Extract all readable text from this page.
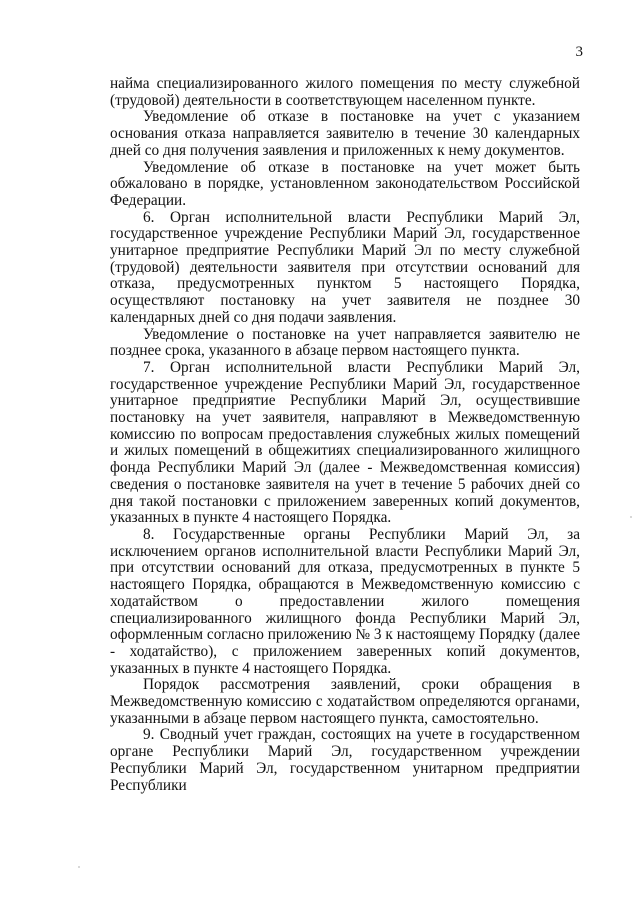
3

найма специализированного жилого помещения по месту служебной (трудовой) деятельности в соответствующем населенном пункте.

Уведомление об отказе в постановке на учет с указанием основания отказа направляется заявителю в течение 30 календарных дней со дня получения заявления и приложенных к нему документов.

Уведомление об отказе в постановке на учет может быть обжаловано в порядке, установленном законодательством Российской Федерации.

6. Орган исполнительной власти Республики Марий Эл, государственное учреждение Республики Марий Эл, государственное унитарное предприятие Республики Марий Эл по месту служебной (трудовой) деятельности заявителя при отсутствии оснований для отказа, предусмотренных пунктом 5 настоящего Порядка, осуществляют постановку на учет заявителя не позднее 30 календарных дней со дня подачи заявления.

Уведомление о постановке на учет направляется заявителю не позднее срока, указанного в абзаце первом настоящего пункта.

7. Орган исполнительной власти Республики Марий Эл, государственное учреждение Республики Марий Эл, государственное унитарное предприятие Республики Марий Эл, осуществившие постановку на учет заявителя, направляют в Межведомственную комиссию по вопросам предоставления служебных жилых помещений и жилых помещений в общежитиях специализированного жилищного фонда Республики Марий Эл (далее - Межведомственная комиссия) сведения о постановке заявителя на учет в течение 5 рабочих дней со дня такой постановки с приложением заверенных копий документов, указанных в пункте 4 настоящего Порядка.

8. Государственные органы Республики Марий Эл, за исключением органов исполнительной власти Республики Марий Эл, при отсутствии оснований для отказа, предусмотренных в пункте 5 настоящего Порядка, обращаются в Межведомственную комиссию с ходатайством о предоставлении жилого помещения специализированного жилищного фонда Республики Марий Эл, оформленным согласно приложению № 3 к настоящему Порядку (далее - ходатайство), с приложением заверенных копий документов, указанных в пункте 4 настоящего Порядка.

Порядок рассмотрения заявлений, сроки обращения в Межведомственную комиссию с ходатайством определяются органами, указанными в абзаце первом настоящего пункта, самостоятельно.

9. Сводный учет граждан, состоящих на учете в государственном органе Республики Марий Эл, государственном учреждении Республики Марий Эл, государственном унитарном предприятии Республики
